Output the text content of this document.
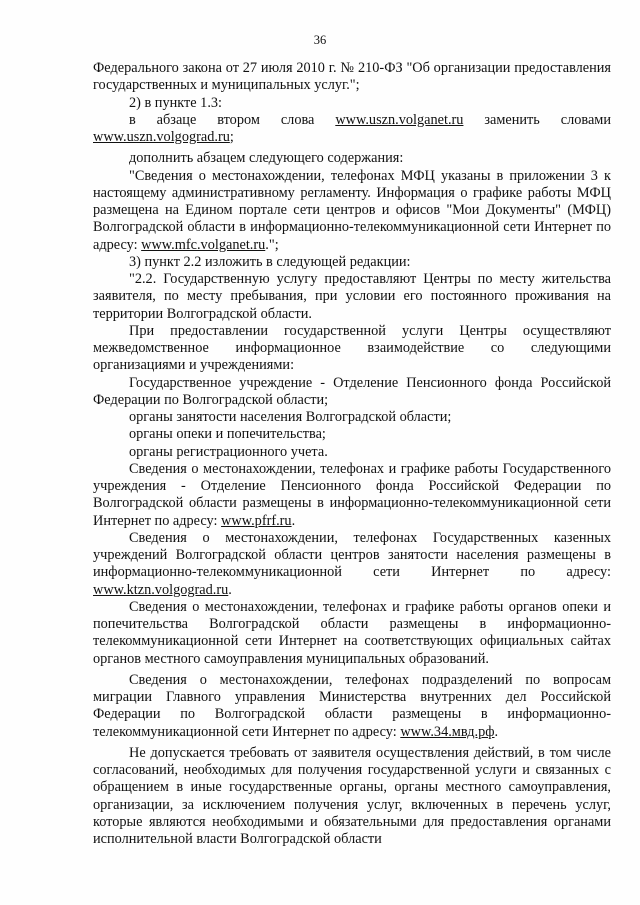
36

Федерального закона от 27 июля 2010 г. № 210-ФЗ "Об организации предоставления государственных и муниципальных услуг.";

2) в пункте 1.3:

в абзаце втором слова www.uszn.volganet.ru заменить словами www.uszn.volgograd.ru;

дополнить абзацем следующего содержания:

"Сведения о местонахождении, телефонах МФЦ указаны в приложении 3 к настоящему административному регламенту. Информация о графике работы МФЦ размещена на Едином портале сети центров и офисов "Мои Документы" (МФЦ) Волгоградской области в информационно-телекоммуникационной сети Интернет по адресу: www.mfc.volganet.ru.";

3) пункт 2.2 изложить в следующей редакции:

"2.2. Государственную услугу предоставляют Центры по месту жительства заявителя, по месту пребывания, при условии его постоянного проживания на территории Волгоградской области.

При предоставлении государственной услуги Центры осуществляют межведомственное информационное взаимодействие со следующими организациями и учреждениями:

Государственное учреждение - Отделение Пенсионного фонда Российской Федерации по Волгоградской области;

органы занятости населения Волгоградской области;

органы опеки и попечительства;

органы регистрационного учета.

Сведения о местонахождении, телефонах и графике работы Государственного учреждения - Отделение Пенсионного фонда Российской Федерации по Волгоградской области размещены в информационно-телекоммуникационной сети Интернет по адресу: www.pfrf.ru.

Сведения о местонахождении, телефонах Государственных казенных учреждений Волгоградской области центров занятости населения размещены в информационно-телекоммуникационной сети Интернет по адресу: www.ktzn.volgograd.ru.

Сведения о местонахождении, телефонах и графике работы органов опеки и попечительства Волгоградской области размещены в информационно-телекоммуникационной сети Интернет на соответствующих официальных сайтах органов местного самоуправления муниципальных образований.

Сведения о местонахождении, телефонах подразделений по вопросам миграции Главного управления Министерства внутренних дел Российской Федерации по Волгоградской области размещены в информационно-телекоммуникационной сети Интернет по адресу: www.34.мвд.рф.

Не допускается требовать от заявителя осуществления действий, в том числе согласований, необходимых для получения государственной услуги и связанных с обращением в иные государственные органы, органы местного самоуправления, организации, за исключением получения услуг, включенных в перечень услуг, которые являются необходимыми и обязательными для предоставления органами исполнительной власти Волгоградской области
